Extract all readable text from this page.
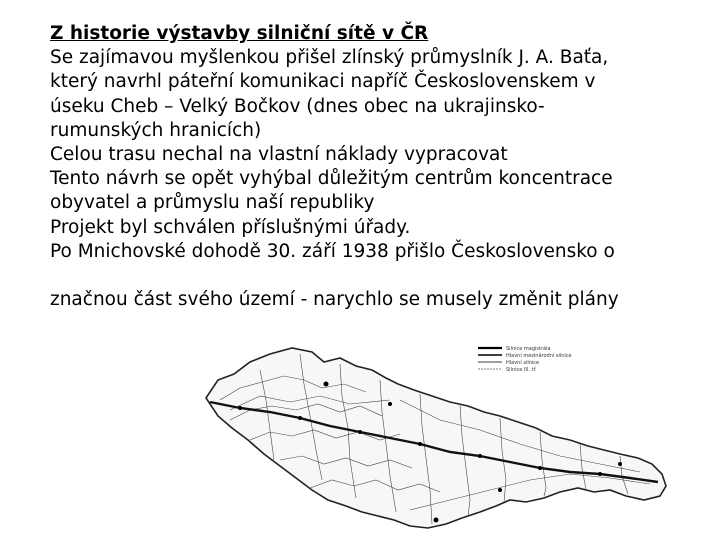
Z historie výstavby silniční sítě v ČR

Se zajímavou myšlenkou přišel zlínský průmyslník J. A. Baťa,

který navrhl páteřní komunikaci napříč Československem v

úseku Cheb – Velký Bočkov (dnes obec na ukrajinsko-

rumunských hranicích)

Celou trasu nechal na vlastní náklady vypracovat

Tento návrh se opět vyhýbal důležitým centrům koncentrace

obyvatel a průmyslu naší republiky

Projekt byl schválen příslušnými úřady.

Po Mnichovské dohodě 30. září 1938 přišlo Československo o

značnou část svého území - narychlo se musely změnit plány

Silnice magistrála
Hlavní mezinárodní silnice
Hlavní silnice
Silnice III. tř.
